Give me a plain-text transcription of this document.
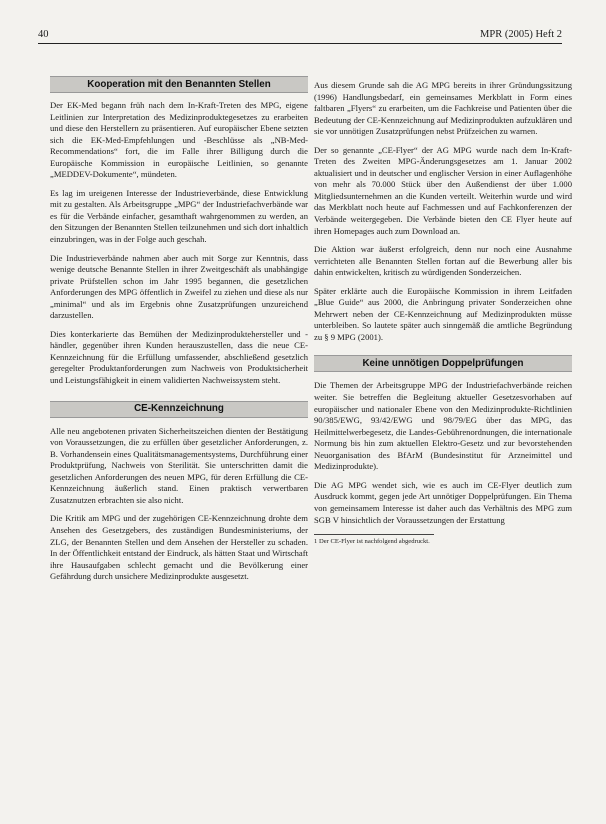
40	MPR (2005) Heft 2
Kooperation mit den Benannten Stellen

Der EK-Med begann früh nach dem In-Kraft-Treten des MPG, eigene Leitlinien zur Interpretation des Medizinproduktegesetzes zu erarbeiten und diese den Herstellern zu präsentieren. Auf europäischer Ebene setzten sich die EK-Med-Empfehlungen und -Beschlüsse als „NB-Med-Recommendations“ fort, die im Falle ihrer Billigung durch die Europäische Kommission in europäische Leitlinien, so genannte „MEDDEV-Dokumente“, mündeten.

Es lag im ureigenen Interesse der Industrieverbände, diese Entwicklung mit zu gestalten. Als Arbeitsgruppe „MPG“ der Industriefachverbände war es für die Verbände einfacher, gesamthaft wahrgenommen zu werden, an den Sitzungen der Benannten Stellen teilzunehmen und sich dort inhaltlich einzubringen, was in der Folge auch geschah.

Die Industrieverbände nahmen aber auch mit Sorge zur Kenntnis, dass wenige deutsche Benannte Stellen in ihrer Zweitgeschäft als unabhängige private Prüfstellen schon im Jahr 1995 begannen, die gesetzlichen Anforderungen des MPG öffentlich in Zweifel zu ziehen und diese als nur „minimal“ und als im Ergebnis ohne Zusatzprüfungen unzureichend darzustellen.

Dies konterkarierte das Bemühen der Medizinproduktehersteller und -händler, gegenüber ihren Kunden herauszustellen, dass die neue CE-Kennzeichnung für die Erfüllung umfassender, abschließend gesetzlich geregelter Produktanforderungen zum Nachweis von Produktsicherheit und Leistungsfähigkeit in einem validierten Nachweissystem steht.

CE-Kennzeichnung

Alle neu angebotenen privaten Sicherheitszeichen dienten der Bestätigung von Voraussetzungen, die zu erfüllen über gesetzlicher Anforderungen, z. B. Vorhandensein eines Qualitätsmanagementsystems, Durchführung einer Produktprüfung, Nachweis von Sterilität. Sie unterschritten damit die gesetzlichen Anforderungen des neuen MPG, für deren Erfüllung die CE-Kennzeichnung äußerlich stand. Einen praktisch verwertbaren Zusatznutzen erbrachten sie also nicht.

Die Kritik am MPG und der zugehörigen CE-Kennzeichnung drohte dem Ansehen des Gesetzgebers, des zuständigen Bundesministeriums, der ZLG, der Benannten Stellen und dem Ansehen der Hersteller zu schaden. In der Öffentlichkeit entstand der Eindruck, als hätten Staat und Wirtschaft ihre Hausaufgaben schlecht gemacht und die Bevölkerung einer Gefährdung durch unsichere Medizinprodukte ausgesetzt.

Aus diesem Grunde sah die AG MPG bereits in ihrer Gründungssitzung (1996) Handlungsbedarf, ein gemeinsames Merkblatt in Form eines faltbaren „Flyers“ zu erarbeiten, um die Fachkreise und Patienten über die Bedeutung der CE-Kennzeichnung auf Medizinprodukten aufzuklären und sie vor unnötigen Zusatzprüfungen nebst Prüfzeichen zu warnen.

Der so genannte „CE-Flyer“ der AG MPG wurde nach dem In-Kraft-Treten des Zweiten MPG-Änderungsgesetzes am 1. Januar 2002 aktualisiert und in deutscher und englischer Version in einer Auflagenhöhe von mehr als 70.000 Stück über den Außendienst der über 1.000 Mitgliedsunternehmen an die Kunden verteilt. Weiterhin wurde und wird das Merkblatt noch heute auf Fachmessen und auf Fachkonferenzen der Verbände weitergegeben. Die Verbände bieten den CE Flyer heute auf ihren Homepages auch zum Download an.

Die Aktion war äußerst erfolgreich, denn nur noch eine Ausnahme verrichteten alle Benannten Stellen fortan auf die Bewerbung aller bis dahin entwickelten, kritisch zu würdigenden Sonderzeichen.

Später erklärte auch die Europäische Kommission in ihrem Leitfaden „Blue Guide“ aus 2000, die Anbringung privater Sonderzeichen ohne Mehrwert neben der CE-Kennzeichnung auf Medizinprodukten müsse unterbleiben. So lautete später auch sinngemäß die amtliche Begründung zu § 9 MPG (2001).

Keine unnötigen Doppelprüfungen

Die Themen der Arbeitsgruppe MPG der Industriefachverbände reichen weiter. Sie betreffen die Begleitung aktueller Gesetzesvorhaben auf europäischer und nationaler Ebene von den Medizinprodukte-Richtlinien 90/385/EWG, 93/42/EWG und 98/79/EG über das MPG, das Heilmittelwerbegesetz, die Landes-Gebührenordnungen, die internationale Normung bis hin zum aktuellen Elektro-Gesetz und zur bevorstehenden Neuorganisation des BfArM (Bundesinstitut für Arzneimittel und Medizinprodukte).

Die AG MPG wendet sich, wie es auch im CE-Flyer deutlich zum Ausdruck kommt, gegen jede Art unnötiger Doppelprüfungen. Ein Thema von gemeinsamem Interesse ist daher auch das Verhältnis des MPG zum SGB V hinsichtlich der Voraussetzungen der Erstattung

1 Der CE-Flyer ist nachfolgend abgedruckt.
